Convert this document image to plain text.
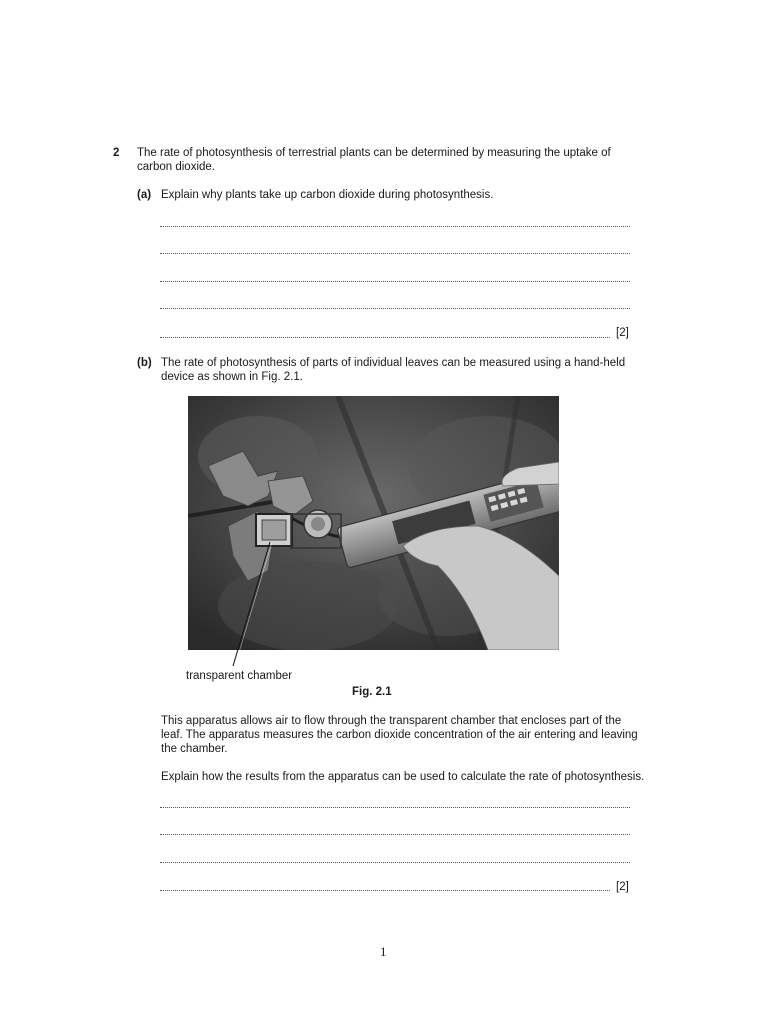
2 The rate of photosynthesis of terrestrial plants can be determined by measuring the uptake of
carbon dioxide.
(a) Explain why plants take up carbon dioxide during photosynthesis.
[2]
(b) The rate of photosynthesis of parts of individual leaves can be measured using a hand-held
device as shown in Fig. 2.1.
transparent chamber
Fig. 2.1
This apparatus allows air to flow through the transparent chamber that encloses part of the
leaf. The apparatus measures the carbon dioxide concentration of the air entering and leaving
the chamber.
Explain how the results from the apparatus can be used to calculate the rate of photosynthesis.
[2]
1
